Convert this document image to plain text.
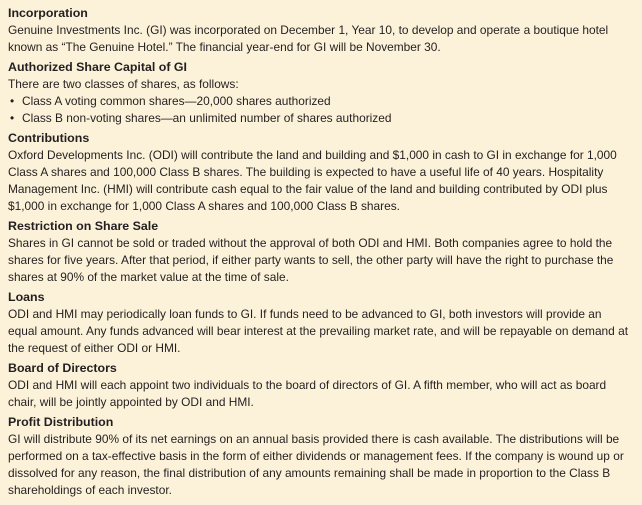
Incorporation

Genuine Investments Inc. (GI) was incorporated on December 1, Year 10, to develop and operate a boutique hotel known as “The Genuine Hotel.” The financial year-end for GI will be November 30.

Authorized Share Capital of GI

There are two classes of shares, as follows:

• Class A voting common shares—20,000 shares authorized
• Class B non-voting shares—an unlimited number of shares authorized
Contributions

Oxford Developments Inc. (ODI) will contribute the land and building and $1,000 in cash to GI in exchange for 1,000 Class A shares and 100,000 Class B shares. The building is expected to have a useful life of 40 years. Hospitality Management Inc. (HMI) will contribute cash equal to the fair value of the land and building contributed by ODI plus $1,000 in exchange for 1,000 Class A shares and 100,000 Class B shares.

Restriction on Share Sale

Shares in GI cannot be sold or traded without the approval of both ODI and HMI. Both companies agree to hold the shares for five years. After that period, if either party wants to sell, the other party will have the right to purchase the shares at 90% of the market value at the time of sale.

Loans

ODI and HMI may periodically loan funds to GI. If funds need to be advanced to GI, both investors will provide an equal amount. Any funds advanced will bear interest at the prevailing market rate, and will be repayable on demand at the request of either ODI or HMI.

Board of Directors

ODI and HMI will each appoint two individuals to the board of directors of GI. A fifth member, who will act as board chair, will be jointly appointed by ODI and HMI.

Profit Distribution

GI will distribute 90% of its net earnings on an annual basis provided there is cash available. The distributions will be performed on a tax-effective basis in the form of either dividends or management fees. If the company is wound up or dissolved for any reason, the final distribution of any amounts remaining shall be made in proportion to the Class B shareholdings of each investor.
